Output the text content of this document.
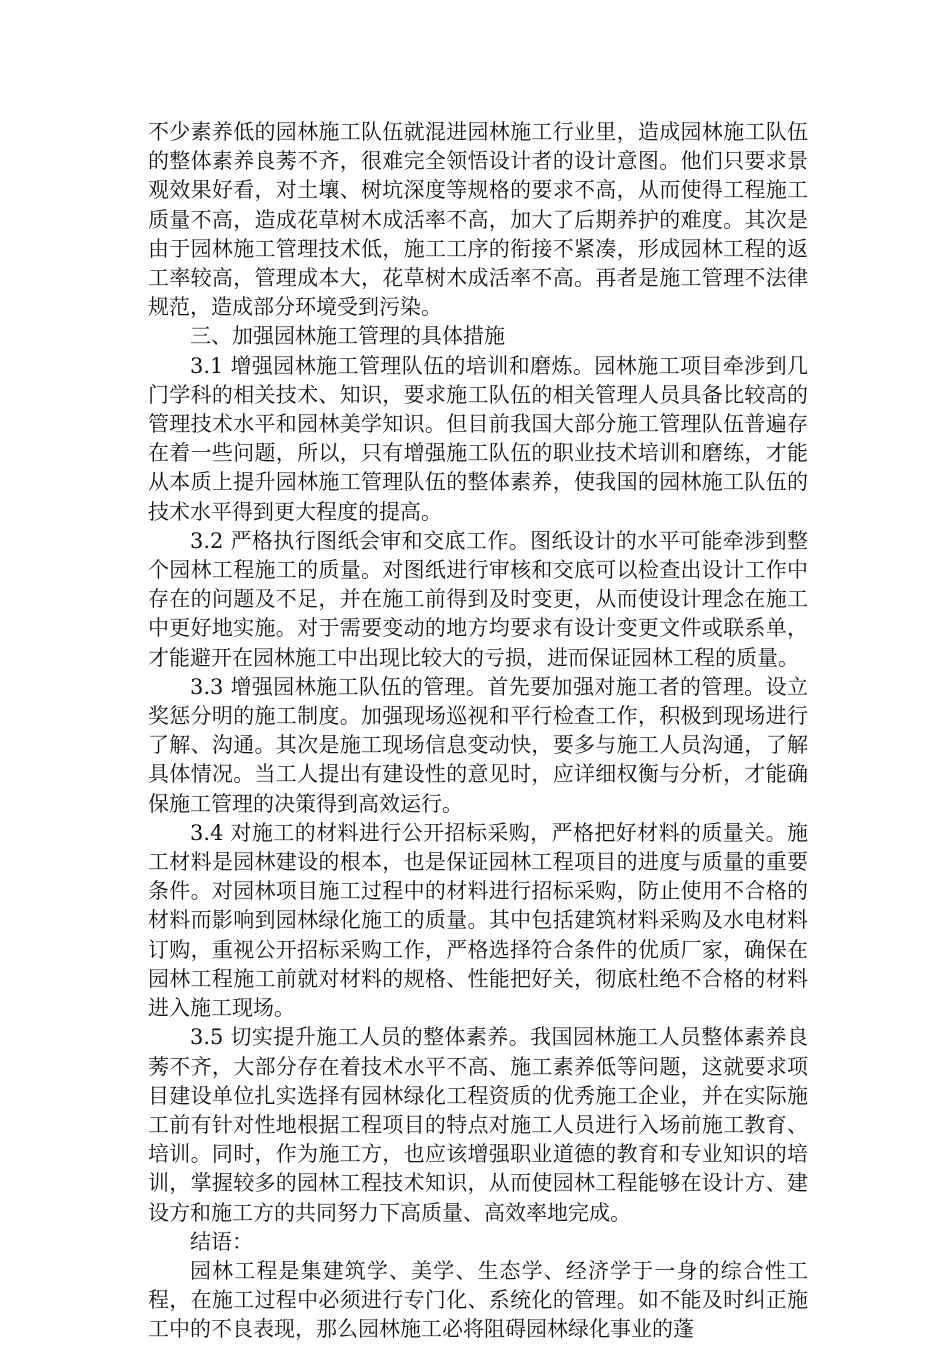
不少素养低的园林施工队伍就混进园林施工行业里，造成园林施工队伍的整体素养良莠不齐，很难完全领悟设计者的设计意图。他们只要求景观效果好看，对土壤、树坑深度等规格的要求不高，从而使得工程施工质量不高，造成花草树木成活率不高，加大了后期养护的难度。其次是由于园林施工管理技术低，施工工序的衔接不紧凑，形成园林工程的返工率较高，管理成本大，花草树木成活率不高。再者是施工管理不法律规范，造成部分环境受到污染。

三、加强园林施工管理的具体措施

3.1 增强园林施工管理队伍的培训和磨炼。园林施工项目牵涉到几门学科的相关技术、知识，要求施工队伍的相关管理人员具备比较高的管理技术水平和园林美学知识。但目前我国大部分施工管理队伍普遍存在着一些问题，所以，只有增强施工队伍的职业技术培训和磨练，才能从本质上提升园林施工管理队伍的整体素养，使我国的园林施工队伍的技术水平得到更大程度的提高。

3.2 严格执行图纸会审和交底工作。图纸设计的水平可能牵涉到整个园林工程施工的质量。对图纸进行审核和交底可以检查出设计工作中存在的问题及不足，并在施工前得到及时变更，从而使设计理念在施工中更好地实施。对于需要变动的地方均要求有设计变更文件或联系单，才能避开在园林施工中出现比较大的亏损，进而保证园林工程的质量。

3.3 增强园林施工队伍的管理。首先要加强对施工者的管理。设立奖惩分明的施工制度。加强现场巡视和平行检查工作，积极到现场进行了解、沟通。其次是施工现场信息变动快，要多与施工人员沟通，了解具体情况。当工人提出有建设性的意见时，应详细权衡与分析，才能确保施工管理的决策得到高效运行。

3.4 对施工的材料进行公开招标采购，严格把好材料的质量关。施工材料是园林建设的根本，也是保证园林工程项目的进度与质量的重要条件。对园林项目施工过程中的材料进行招标采购，防止使用不合格的材料而影响到园林绿化施工的质量。其中包括建筑材料采购及水电材料订购，重视公开招标采购工作，严格选择符合条件的优质厂家，确保在园林工程施工前就对材料的规格、性能把好关，彻底杜绝不合格的材料进入施工现场。

3.5 切实提升施工人员的整体素养。我国园林施工人员整体素养良莠不齐，大部分存在着技术水平不高、施工素养低等问题，这就要求项目建设单位扎实选择有园林绿化工程资质的优秀施工企业，并在实际施工前有针对性地根据工程项目的特点对施工人员进行入场前施工教育、培训。同时，作为施工方，也应该增强职业道德的教育和专业知识的培训，掌握较多的园林工程技术知识，从而使园林工程能够在设计方、建设方和施工方的共同努力下高质量、高效率地完成。

结语：

园林工程是集建筑学、美学、生态学、经济学于一身的综合性工程，在施工过程中必须进行专门化、系统化的管理。如不能及时纠正施工中的不良表现，那么园林施工必将阻碍园林绿化事业的蓬
